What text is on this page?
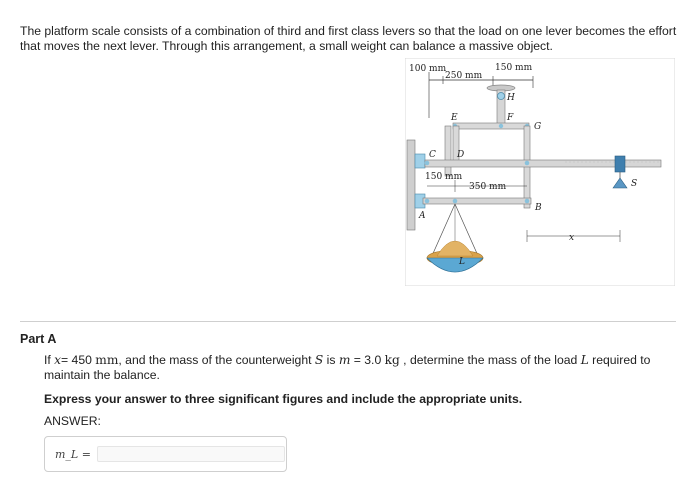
The platform scale consists of a combination of third and first class levers so that the load on one lever becomes the effort that moves the next lever. Through this arrangement, a small weight can balance a massive object.
100 mm
250 mm
150 mm
H
E	F
G
C D
150 mm
350 mm
B
A
L
S
x
Part A
If x= 450 mm, and the mass of the counterweight S is m = 3.0 kg , determine the mass of the load L required to maintain the balance.
Express your answer to three significant figures and include the appropriate units.
ANSWER:
m_L =
